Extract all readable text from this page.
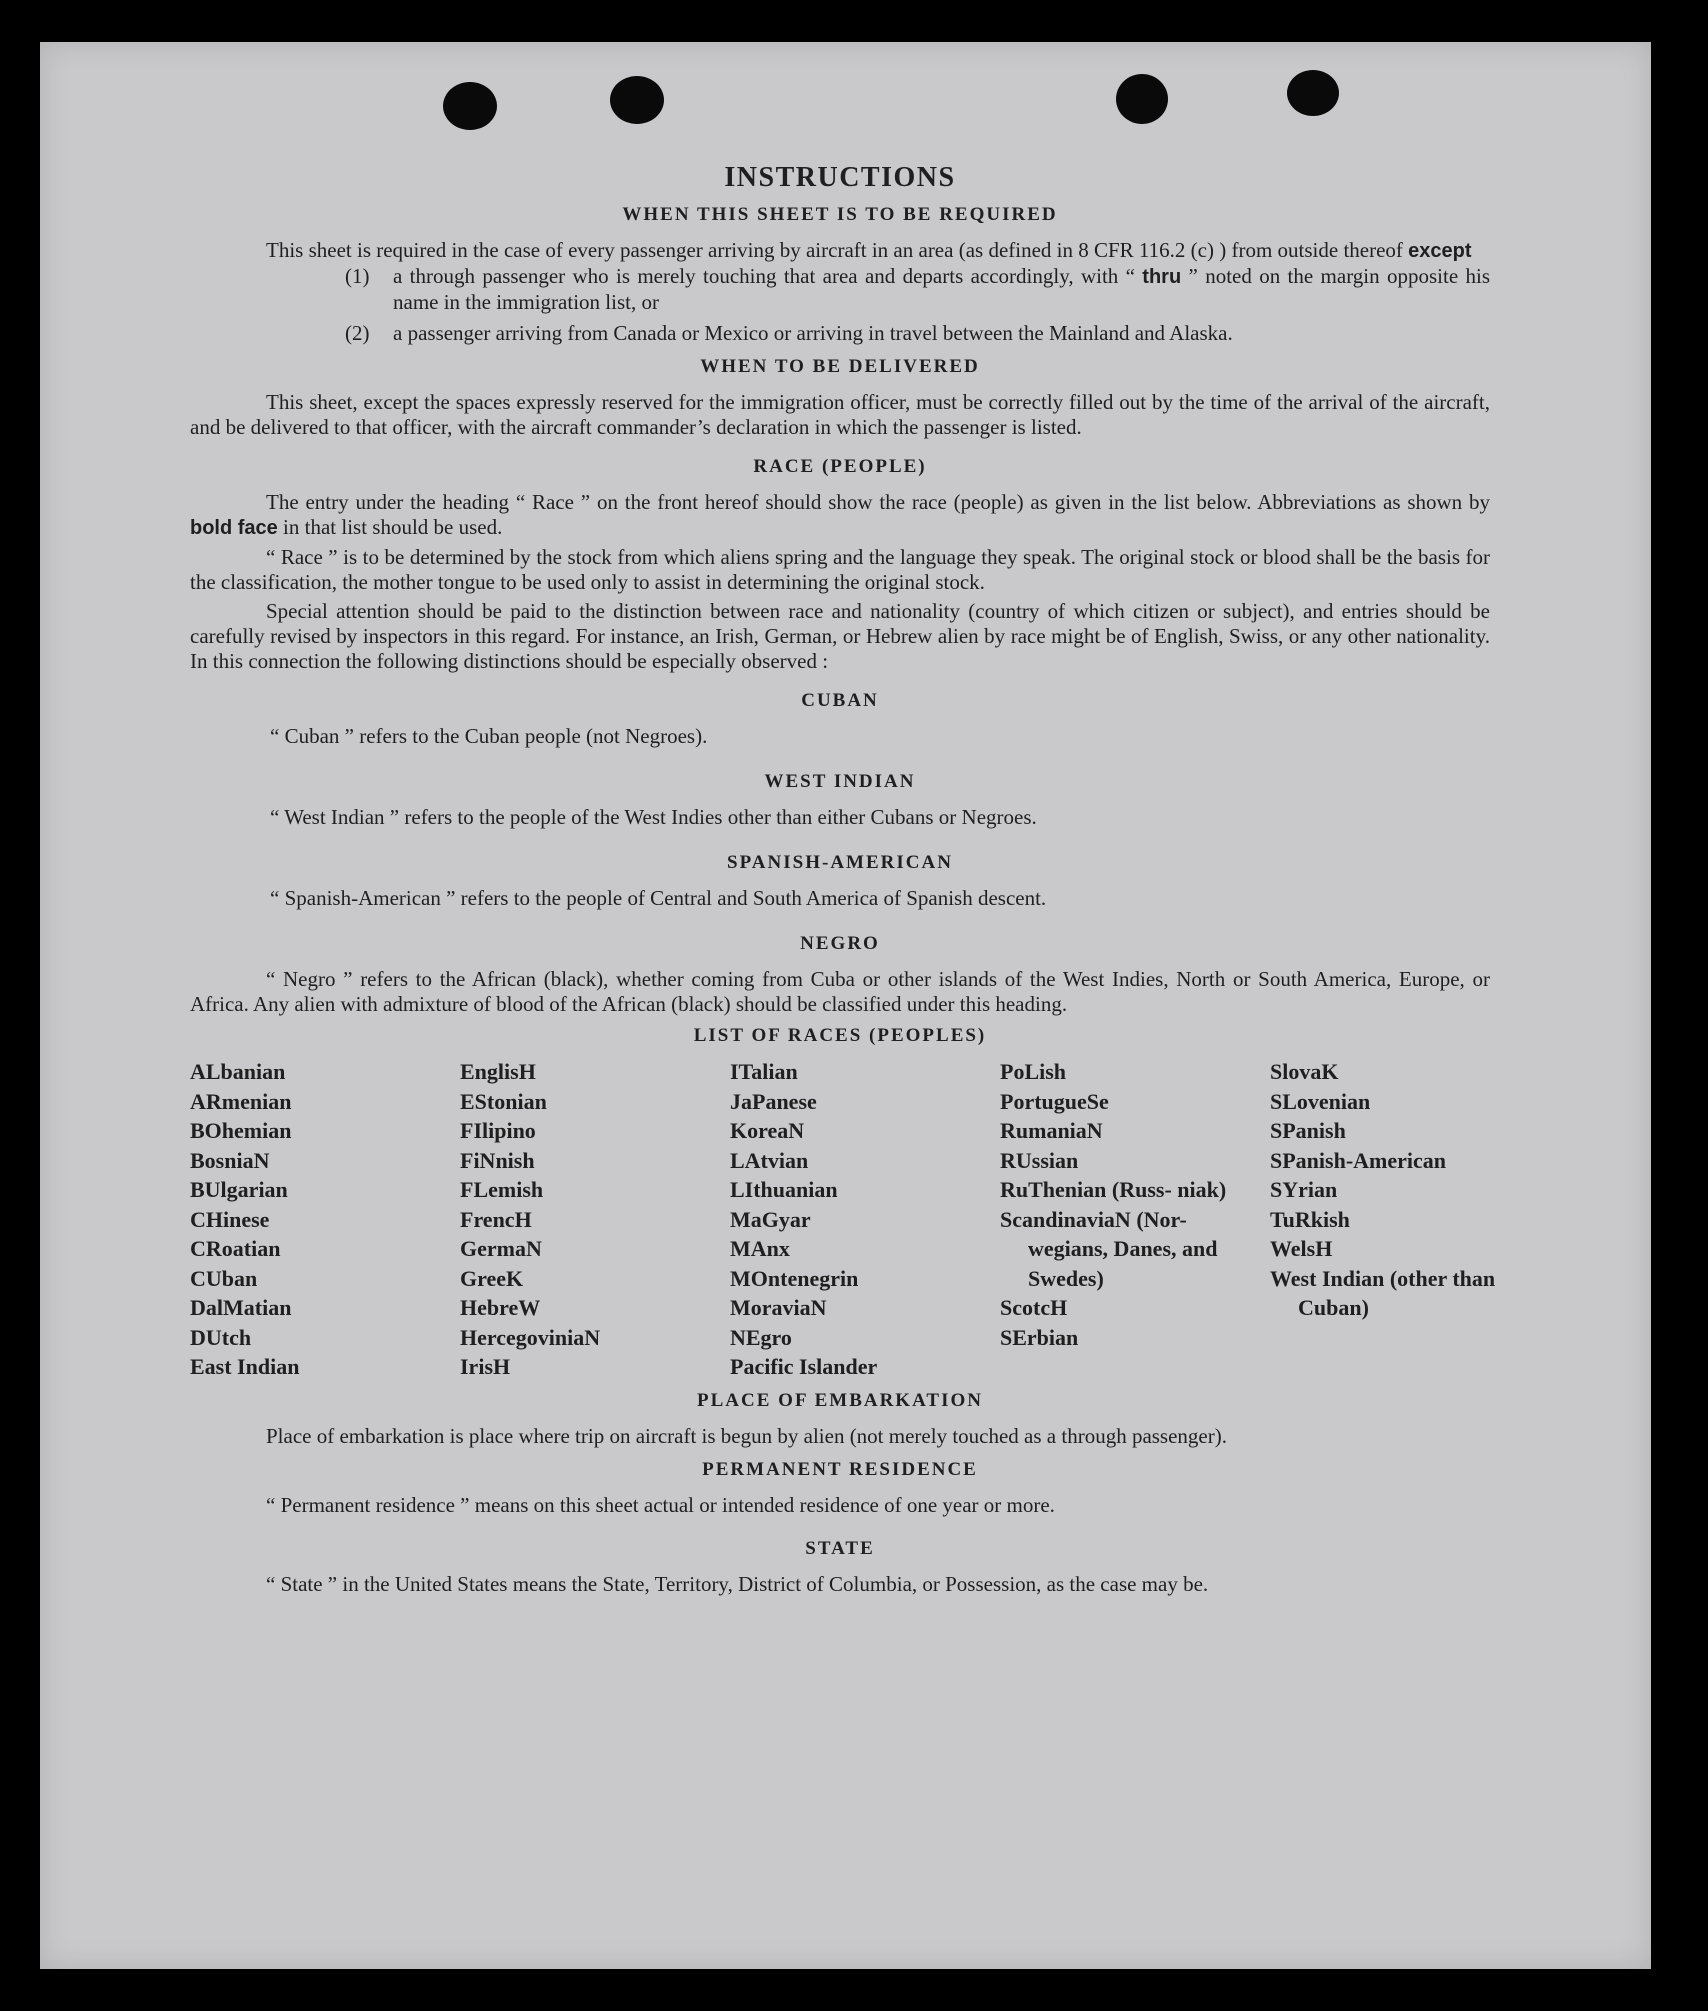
INSTRUCTIONS
WHEN THIS SHEET IS TO BE REQUIRED

This sheet is required in the case of every passenger arriving by aircraft in an area (as defined in 8 CFR 116.2 (c) ) from outside thereof except

(1)	a through passenger who is merely touching that area and departs accordingly, with “ thru ” noted on the margin opposite his name in the immigration list, or
(2)	a passenger arriving from Canada or Mexico or arriving in travel between the Mainland and Alaska.
WHEN TO BE DELIVERED

This sheet, except the spaces expressly reserved for the immigration officer, must be correctly filled out by the time of the arrival of the aircraft, and be delivered to that officer, with the aircraft commander’s declaration in which the passenger is listed.

RACE (PEOPLE)

The entry under the heading “ Race ” on the front hereof should show the race (people) as given in the list below. Abbreviations as shown by bold face in that list should be used.

“ Race ” is to be determined by the stock from which aliens spring and the language they speak. The original stock or blood shall be the basis for the classification, the mother tongue to be used only to assist in determining the original stock.

Special attention should be paid to the distinction between race and nationality (country of which citizen or subject), and entries should be carefully revised by inspectors in this regard. For instance, an Irish, German, or Hebrew alien by race might be of English, Swiss, or any other nationality. In this connection the following distinctions should be especially observed :

CUBAN

“ Cuban ” refers to the Cuban people (not Negroes).

WEST INDIAN

“ West Indian ” refers to the people of the West Indies other than either Cubans or Negroes.

SPANISH-AMERICAN

“ Spanish-American ” refers to the people of Central and South America of Spanish descent.

NEGRO

“ Negro ” refers to the African (black), whether coming from Cuba or other islands of the West Indies, North or South America, Europe, or Africa. Any alien with admixture of blood of the African (black) should be classified under this heading.

LIST OF RACES (PEOPLES)
ALbanian
ARmenian
BOhemian
BosniaN
BUlgarian
CHinese
CRoatian
CUban
DalMatian
DUtch
East Indian
EnglisH
EStonian
FIlipino
FiNnish
FLemish
FrencH
GermaN
GreeK
HebreW
HercegoviniaN
IrisH
ITalian
JaPanese
KoreaN
LAtvian
LIthuanian
MaGyar
MAnx
MOntenegrin
MoraviaN
NEgro
Pacific Islander
PoLish
PortugueSe
RumaniaN
RUssian
RuThenian (Russ- niak)
ScandinaviaN (Nor- wegians, Danes, and Swedes)
ScotcH
SErbian
SlovaK
SLovenian
SPanish
SPanish-American
SYrian
TuRkish
WelsH
West Indian (other than Cuban)
PLACE OF EMBARKATION

Place of embarkation is place where trip on aircraft is begun by alien (not merely touched as a through passenger).

PERMANENT RESIDENCE

“ Permanent residence ” means on this sheet actual or intended residence of one year or more.

STATE

“ State ” in the United States means the State, Territory, District of Columbia, or Possession, as the case may be.
